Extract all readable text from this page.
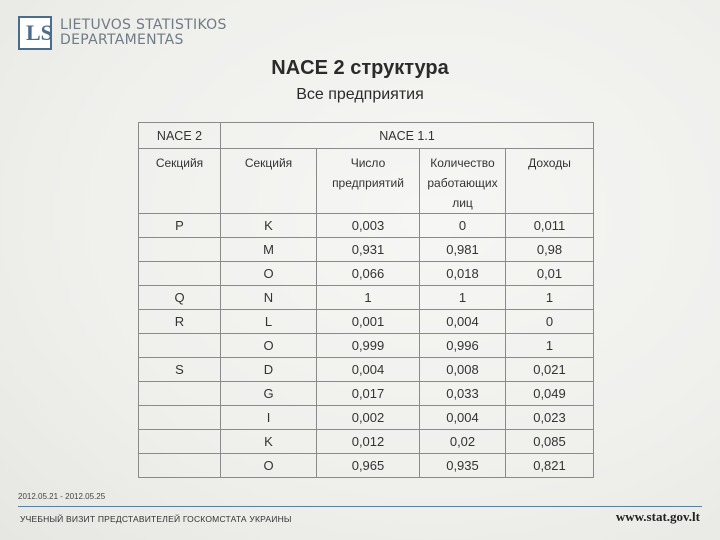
LS LIETUVOS STATISTIKOS
DEPARTAMENTAS
NACE 2 структура
Все предприятия
NACE 2	NACE 1.1			
Секцийя	Секцийя	Число предприятий	Количество работающих лиц	Доходы
P	K	0,003	0	0,011
	M	0,931	0,981	0,98
	O	0,066	0,018	0,01
Q	N	1	1	1
R	L	0,001	0,004	0
	O	0,999	0,996	1
S	D	0,004	0,008	0,021
	G	0,017	0,033	0,049
	I	0,002	0,004	0,023
	K	0,012	0,02	0,085
	O	0,965	0,935	0,821
2012.05.21 - 2012.05.25
УЧЕБНЫЙ ВИЗИТ ПРЕДСТАВИТЕЛЕЙ ГОСКОМСТАТА УКРАИНЫ	www.stat.gov.lt
